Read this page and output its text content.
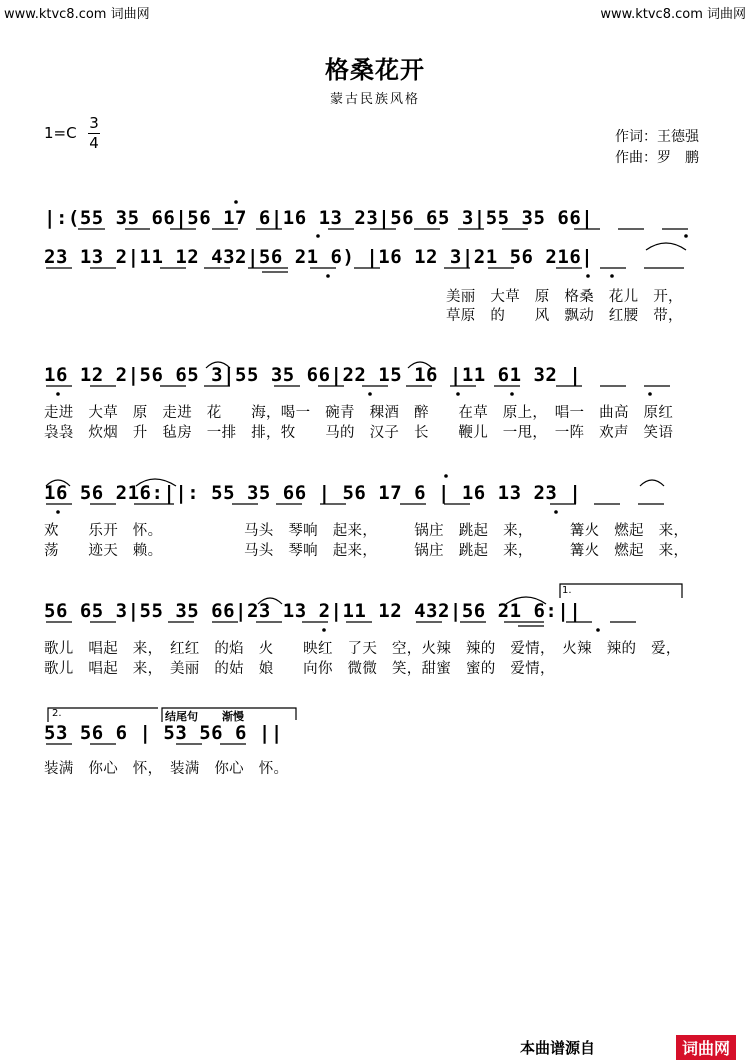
www.ktvc8.com 词曲网	www.ktvc8.com 词曲网
格桑花开
蒙古民族风格
1=C
3
4	作词：王德强
作曲：罗　鹏
|:(55 35 66|56 17 6|16 13 23|56 65 3|55 35 66|
23 13 2|11 12 432|56 21 6) |16 12 3|21 56 216|
美丽　大草　原　格桑　花儿　开，
草原　的　　风　飘动　红腰　带，
16 12 2|56 65 3|55 35 66|22 15 16 |11 61 32 |
走进　大草　原　走进　花　　海，喝一　碗青　稞酒　醉　　在草　原上，　唱一　曲高　原红
袅袅　炊烟　升　毡房　一排　排，牧　　马的　汉子　长　　鞭儿　一甩，　一阵　欢声　笑语
16 56 216:||: 55 35 66 | 56 17 6 | 16 13 23 |
欢　　乐开　怀。　　　　　　马头　琴响　起来，　　　锅庄　跳起　来，　　　篝火　燃起　来，
荡　　迹天　赖。　　　　　　马头　琴响　起来，　　　锅庄　跳起　来，　　　篝火　燃起　来，
1.
56 65 3|55 35 66|23 13 2|11 12 432|56 21 6:||
歌儿　唱起　来，　红红　的焰　火　　映红　了天　空，火辣　辣的　爱情，　火辣　辣的　爱，
歌儿　唱起　来，　美丽　的姑　娘　　向你　微微　笑，甜蜜　蜜的　爱情，
2.	结尾句 渐慢
53 56 6 | 53 56 6 ||
装满　你心　怀，　装满　你心　怀。
本曲谱源自	词曲网
